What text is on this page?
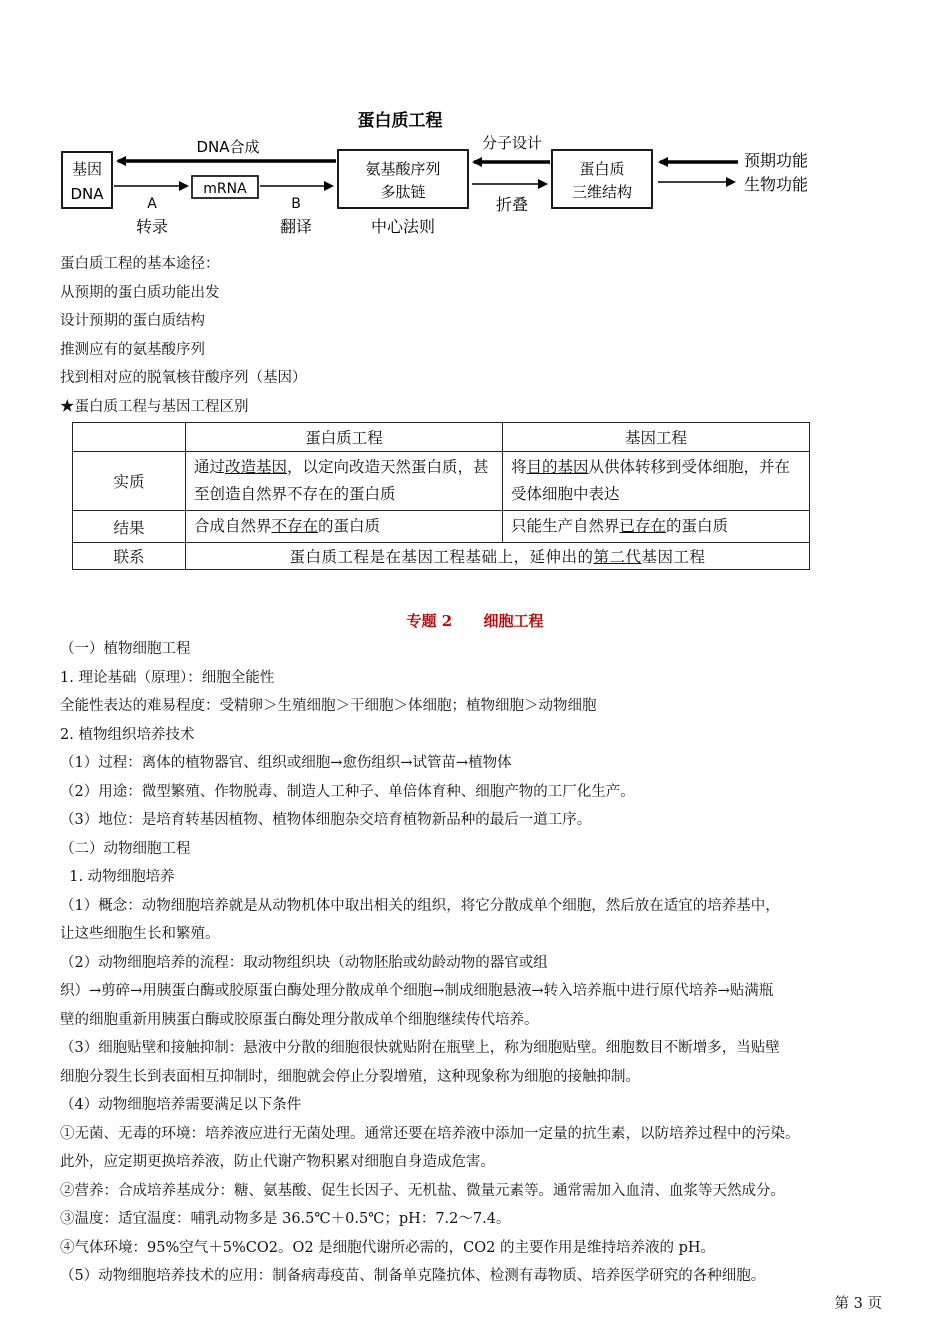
蛋白质工程
DNA合成
基因
DNA	mRNA
A	B
转录	翻译
氨基酸序列
多肽链
中心法则
分子设计
折叠
蛋白质
三维结构
预期功能
生物功能
蛋白质工程的基本途径：
从预期的蛋白质功能出发
设计预期的蛋白质结构
推测应有的氨基酸序列
找到相对应的脱氧核苷酸序列（基因）
★蛋白质工程与基因工程区别
	蛋白质工程	基因工程
实质	通过改造基因，以定向改造天然蛋白质，甚至创造自然界不存在的蛋白质	将目的基因从供体转移到受体细胞，并在受体细胞中表达
结果	合成自然界不存在的蛋白质	只能生产自然界已存在的蛋白质
联系	蛋白质工程是在基因工程基础上，延伸出的第二代基因工程	
专题 2      细胞工程
（一）植物细胞工程
1. 理论基础（原理）：细胞全能性
全能性表达的难易程度：受精卵＞生殖细胞＞干细胞＞体细胞；植物细胞＞动物细胞
2. 植物组织培养技术
（1）过程：离体的植物器官、组织或细胞→愈伤组织→试管苗→植物体
（2）用途：微型繁殖、作物脱毒、制造人工种子、单倍体育种、细胞产物的工厂化生产。
（3）地位：是培育转基因植物、植物体细胞杂交培育植物新品种的最后一道工序。
（二）动物细胞工程
1. 动物细胞培养
（1）概念：动物细胞培养就是从动物机体中取出相关的组织，将它分散成单个细胞，然后放在适宜的培养基中，
让这些细胞生长和繁殖。
（2）动物细胞培养的流程：取动物组织块（动物胚胎或幼龄动物的器官或组
织）→剪碎→用胰蛋白酶或胶原蛋白酶处理分散成单个细胞→制成细胞悬液→转入培养瓶中进行原代培养→贴满瓶
壁的细胞重新用胰蛋白酶或胶原蛋白酶处理分散成单个细胞继续传代培养。
（3）细胞贴壁和接触抑制：悬液中分散的细胞很快就贴附在瓶壁上，称为细胞贴壁。细胞数目不断增多，当贴壁
细胞分裂生长到表面相互抑制时，细胞就会停止分裂增殖，这种现象称为细胞的接触抑制。
（4）动物细胞培养需要满足以下条件
①无菌、无毒的环境：培养液应进行无菌处理。通常还要在培养液中添加一定量的抗生素，以防培养过程中的污染。
此外，应定期更换培养液，防止代谢产物积累对细胞自身造成危害。
②营养：合成培养基成分：糖、氨基酸、促生长因子、无机盐、微量元素等。通常需加入血清、血浆等天然成分。
③温度：适宜温度：哺乳动物多是 36.5℃＋0.5℃；pH：7.2～7.4。
④气体环境：95%空气＋5%CO2。O2 是细胞代谢所必需的，CO2 的主要作用是维持培养液的 pH。
（5）动物细胞培养技术的应用：制备病毒疫苗、制备单克隆抗体、检测有毒物质、培养医学研究的各种细胞。
第 3 页
